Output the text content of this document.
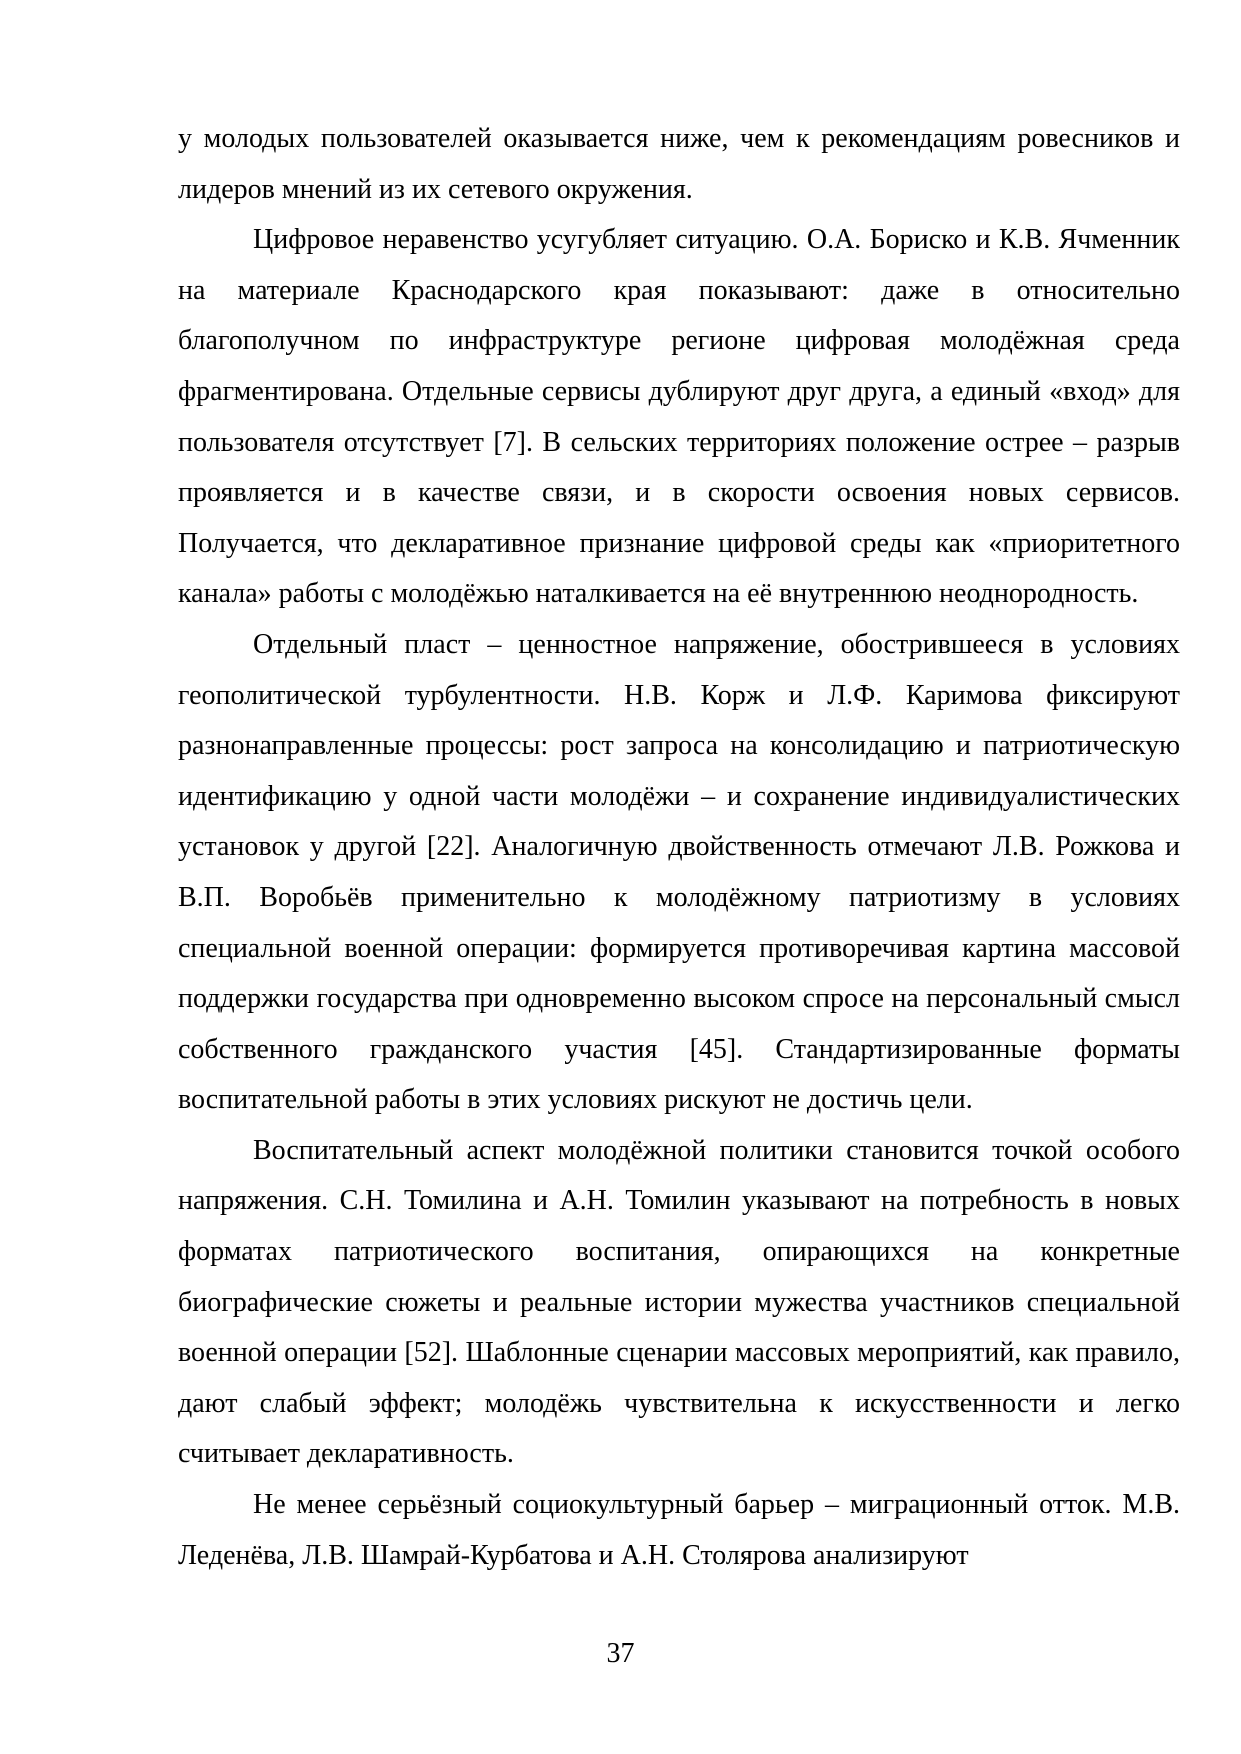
у молодых пользователей оказывается ниже, чем к рекомендациям ровесников и лидеров мнений из их сетевого окружения.

Цифровое неравенство усугубляет ситуацию. О.А. Бориско и К.В. Ячменник на материале Краснодарского края показывают: даже в относительно благополучном по инфраструктуре регионе цифровая молодёжная среда фрагментирована. Отдельные сервисы дублируют друг друга, а единый «вход» для пользователя отсутствует [7]. В сельских территориях положение острее – разрыв проявляется и в качестве связи, и в скорости освоения новых сервисов. Получается, что декларативное признание цифровой среды как «приоритетного канала» работы с молодёжью наталкивается на её внутреннюю неоднородность.

Отдельный пласт – ценностное напряжение, обострившееся в условиях геополитической турбулентности. Н.В. Корж и Л.Ф. Каримова фиксируют разнонаправленные процессы: рост запроса на консолидацию и патриотическую идентификацию у одной части молодёжи – и сохранение индивидуалистических установок у другой [22]. Аналогичную двойственность отмечают Л.В. Рожкова и В.П. Воробьёв применительно к молодёжному патриотизму в условиях специальной военной операции: формируется противоречивая картина массовой поддержки государства при одновременно высоком спросе на персональный смысл собственного гражданского участия [45]. Стандартизированные форматы воспитательной работы в этих условиях рискуют не достичь цели.

Воспитательный аспект молодёжной политики становится точкой особого напряжения. С.Н. Томилина и А.Н. Томилин указывают на потребность в новых форматах патриотического воспитания, опирающихся на конкретные биографические сюжеты и реальные истории мужества участников специальной военной операции [52]. Шаблонные сценарии массовых мероприятий, как правило, дают слабый эффект; молодёжь чувствительна к искусственности и легко считывает декларативность.

Не менее серьёзный социокультурный барьер – миграционный отток. М.В. Леденёва, Л.В. Шамрай-Курбатова и А.Н. Столярова анализируют

37
